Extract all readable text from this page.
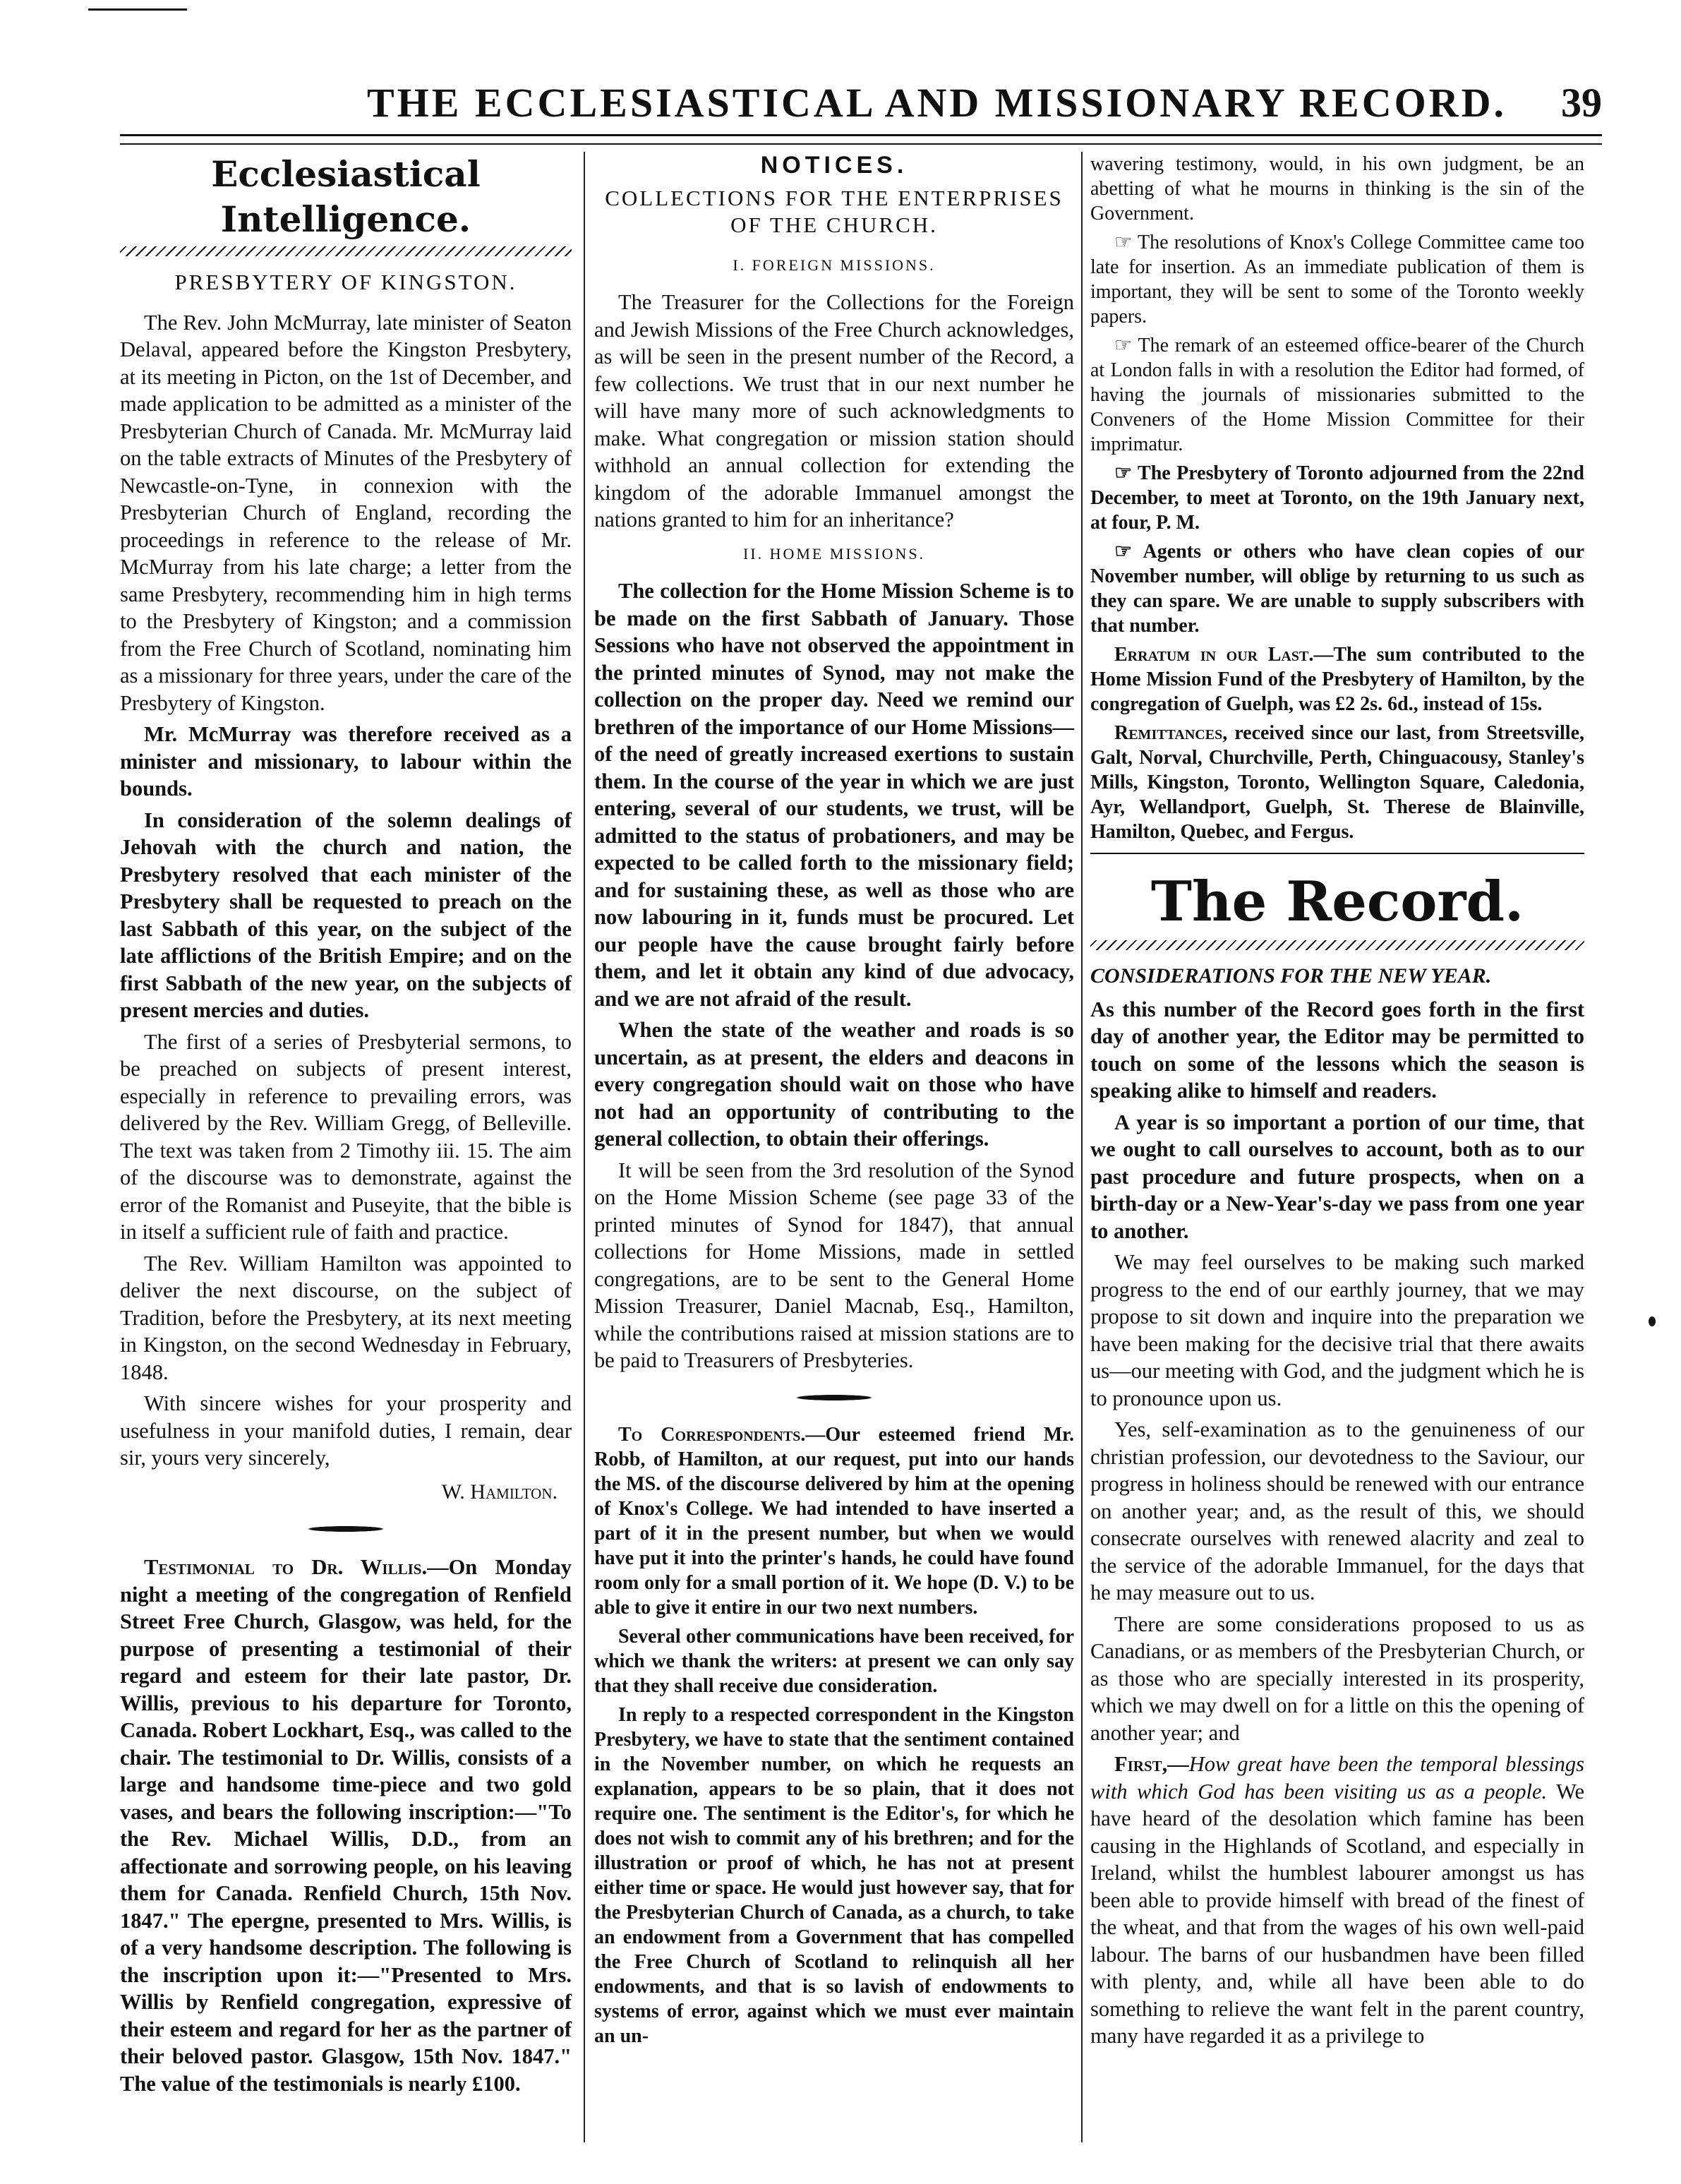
THE ECCLESIASTICAL AND MISSIONARY RECORD. 39
Ecclesiastical Intelligence.
PRESBYTERY OF KINGSTON.

The Rev. John McMurray, late minister of Seaton Delaval, appeared before the Kingston Presbytery, at its meeting in Picton, on the 1st of December, and made application to be admitted as a minister of the Presbyterian Church of Canada. Mr. McMurray laid on the table extracts of Minutes of the Presbytery of Newcastle-on-Tyne, in connexion with the Presbyterian Church of England, recording the proceedings in reference to the release of Mr. McMurray from his late charge; a letter from the same Presbytery, recommending him in high terms to the Presbytery of Kingston; and a commission from the Free Church of Scotland, nominating him as a missionary for three years, under the care of the Presbytery of Kingston.

Mr. McMurray was therefore received as a minister and missionary, to labour within the bounds.

In consideration of the solemn dealings of Jehovah with the church and nation, the Presbytery resolved that each minister of the Presbytery shall be requested to preach on the last Sabbath of this year, on the subject of the late afflictions of the British Empire; and on the first Sabbath of the new year, on the subjects of present mercies and duties.

The first of a series of Presbyterial sermons, to be preached on subjects of present interest, especially in reference to prevailing errors, was delivered by the Rev. William Gregg, of Belleville. The text was taken from 2 Timothy iii. 15. The aim of the discourse was to demonstrate, against the error of the Romanist and Puseyite, that the bible is in itself a sufficient rule of faith and practice.

The Rev. William Hamilton was appointed to deliver the next discourse, on the subject of Tradition, before the Presbytery, at its next meeting in Kingston, on the second Wednesday in February, 1848.

With sincere wishes for your prosperity and usefulness in your manifold duties, I remain, dear sir, yours very sincerely,

W. Hamilton.

Testimonial to Dr. Willis.—On Monday night a meeting of the congregation of Renfield Street Free Church, Glasgow, was held, for the purpose of presenting a testimonial of their regard and esteem for their late pastor, Dr. Willis, previous to his departure for Toronto, Canada. Robert Lockhart, Esq., was called to the chair. The testimonial to Dr. Willis, consists of a large and handsome time-piece and two gold vases, and bears the following inscription:—"To the Rev. Michael Willis, D.D., from an affectionate and sorrowing people, on his leaving them for Canada. Renfield Church, 15th Nov. 1847." The epergne, presented to Mrs. Willis, is of a very handsome description. The following is the inscription upon it:—"Presented to Mrs. Willis by Renfield congregation, expressive of their esteem and regard for her as the partner of their beloved pastor. Glasgow, 15th Nov. 1847." The value of the testimonials is nearly £100.

NOTICES.
COLLECTIONS FOR THE ENTERPRISES OF THE CHURCH.
I. FOREIGN MISSIONS.

The Treasurer for the Collections for the Foreign and Jewish Missions of the Free Church acknowledges, as will be seen in the present number of the Record, a few collections. We trust that in our next number he will have many more of such acknowledgments to make. What congregation or mission station should withhold an annual collection for extending the kingdom of the adorable Immanuel amongst the nations granted to him for an inheritance?

II. HOME MISSIONS.

The collection for the Home Mission Scheme is to be made on the first Sabbath of January. Those Sessions who have not observed the appointment in the printed minutes of Synod, may not make the collection on the proper day. Need we remind our brethren of the importance of our Home Missions—of the need of greatly increased exertions to sustain them. In the course of the year in which we are just entering, several of our students, we trust, will be admitted to the status of probationers, and may be expected to be called forth to the missionary field; and for sustaining these, as well as those who are now labouring in it, funds must be procured. Let our people have the cause brought fairly before them, and let it obtain any kind of due advocacy, and we are not afraid of the result.

When the state of the weather and roads is so uncertain, as at present, the elders and deacons in every congregation should wait on those who have not had an opportunity of contributing to the general collection, to obtain their offerings.

It will be seen from the 3rd resolution of the Synod on the Home Mission Scheme (see page 33 of the printed minutes of Synod for 1847), that annual collections for Home Missions, made in settled congregations, are to be sent to the General Home Mission Treasurer, Daniel Macnab, Esq., Hamilton, while the contributions raised at mission stations are to be paid to Treasurers of Presbyteries.

To Correspondents.—Our esteemed friend Mr. Robb, of Hamilton, at our request, put into our hands the MS. of the discourse delivered by him at the opening of Knox's College. We had intended to have inserted a part of it in the present number, but when we would have put it into the printer's hands, he could have found room only for a small portion of it. We hope (D. V.) to be able to give it entire in our two next numbers.

Several other communications have been received, for which we thank the writers: at present we can only say that they shall receive due consideration.

In reply to a respected correspondent in the Kingston Presbytery, we have to state that the sentiment contained in the November number, on which he requests an explanation, appears to be so plain, that it does not require one. The sentiment is the Editor's, for which he does not wish to commit any of his brethren; and for the illustration or proof of which, he has not at present either time or space. He would just however say, that for the Presbyterian Church of Canada, as a church, to take an endowment from a Government that has compelled the Free Church of Scotland to relinquish all her endowments, and that is so lavish of endowments to systems of error, against which we must ever maintain an un-

wavering testimony, would, in his own judgment, be an abetting of what he mourns in thinking is the sin of the Government.

☞ The resolutions of Knox's College Committee came too late for insertion. As an immediate publication of them is important, they will be sent to some of the Toronto weekly papers.

☞ The remark of an esteemed office-bearer of the Church at London falls in with a resolution the Editor had formed, of having the journals of missionaries submitted to the Conveners of the Home Mission Committee for their imprimatur.

☞ The Presbytery of Toronto adjourned from the 22nd December, to meet at Toronto, on the 19th January next, at four, P. M.

☞ Agents or others who have clean copies of our November number, will oblige by returning to us such as they can spare. We are unable to supply subscribers with that number.

Erratum in our Last.—The sum contributed to the Home Mission Fund of the Presbytery of Hamilton, by the congregation of Guelph, was £2 2s. 6d., instead of 15s.

Remittances, received since our last, from Streetsville, Galt, Norval, Churchville, Perth, Chinguacousy, Stanley's Mills, Kingston, Toronto, Wellington Square, Caledonia, Ayr, Wellandport, Guelph, St. Therese de Blainville, Hamilton, Quebec, and Fergus.

The Record.
CONSIDERATIONS FOR THE NEW YEAR.

As this number of the Record goes forth in the first day of another year, the Editor may be permitted to touch on some of the lessons which the season is speaking alike to himself and readers.

A year is so important a portion of our time, that we ought to call ourselves to account, both as to our past procedure and future prospects, when on a birth-day or a New-Year's-day we pass from one year to another.

We may feel ourselves to be making such marked progress to the end of our earthly journey, that we may propose to sit down and inquire into the preparation we have been making for the decisive trial that there awaits us—our meeting with God, and the judgment which he is to pronounce upon us.

Yes, self-examination as to the genuineness of our christian profession, our devotedness to the Saviour, our progress in holiness should be renewed with our entrance on another year; and, as the result of this, we should consecrate ourselves with renewed alacrity and zeal to the service of the adorable Immanuel, for the days that he may measure out to us.

There are some considerations proposed to us as Canadians, or as members of the Presbyterian Church, or as those who are specially interested in its prosperity, which we may dwell on for a little on this the opening of another year; and

First,—How great have been the temporal blessings with which God has been visiting us as a people. We have heard of the desolation which famine has been causing in the Highlands of Scotland, and especially in Ireland, whilst the humblest labourer amongst us has been able to provide himself with bread of the finest of the wheat, and that from the wages of his own well-paid labour. The barns of our husbandmen have been filled with plenty, and, while all have been able to do something to relieve the want felt in the parent country, many have regarded it as a privilege to
